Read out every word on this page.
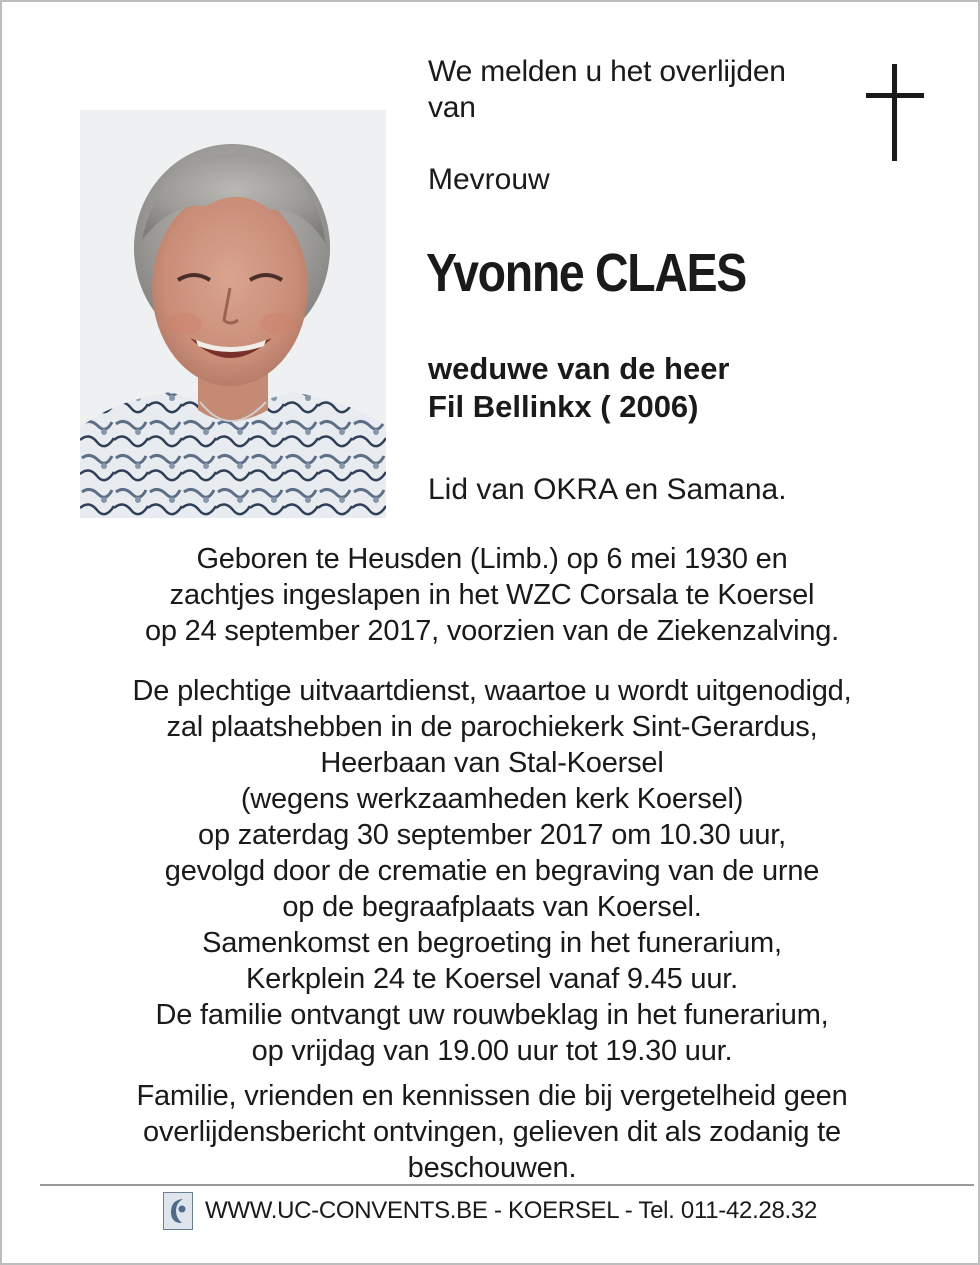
We melden u het overlijden
van
Mevrouw
Yvonne CLAES
weduwe van de heer
Fil Bellinkx ( 2006)
Lid van OKRA en Samana.
Geboren te Heusden (Limb.) op 6 mei 1930 en
zachtjes ingeslapen in het WZC Corsala te Koersel
op 24 september 2017, voorzien van de Ziekenzalving.
De plechtige uitvaartdienst, waartoe u wordt uitgenodigd,
zal plaatshebben in de parochiekerk Sint-Gerardus,
Heerbaan van Stal-Koersel
(wegens werkzaamheden kerk Koersel)
op zaterdag 30 september 2017 om 10.30 uur,
gevolgd door de crematie en begraving van de urne
op de begraafplaats van Koersel.
Samenkomst en begroeting in het funerarium,
Kerkplein 24 te Koersel vanaf 9.45 uur.
De familie ontvangt uw rouwbeklag in het funerarium,
op vrijdag van 19.00 uur tot 19.30 uur.
Familie, vrienden en kennissen die bij vergetelheid geen
overlijdensbericht ontvingen, gelieven dit als zodanig te
beschouwen.
WWW.UC-CONVENTS.BE - KOERSEL - Tel. 011-42.28.32
